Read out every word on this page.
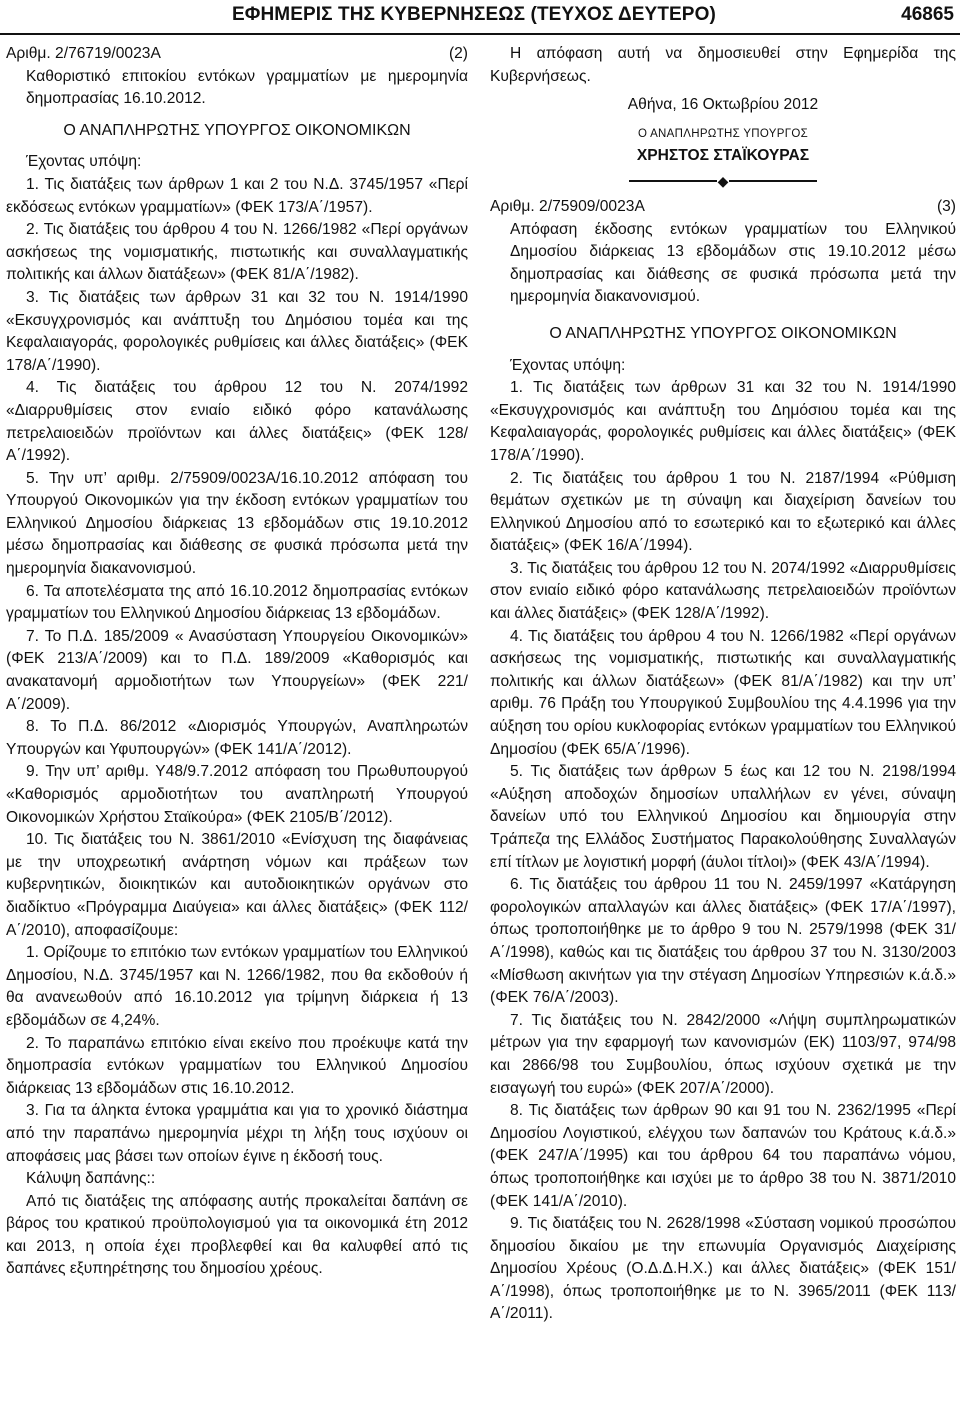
ΕΦΗΜΕΡΙΣ ΤΗΣ ΚΥΒΕΡΝΗΣΕΩΣ (ΤΕΥΧΟΣ ΔΕΥΤΕΡΟ)	46865

Αριθμ. 2/76719/0023Α	(2)

Καθοριστικό επιτοκίου εντόκων γραμματίων με ημερομηνία δημοπρασίας 16.10.2012.

Ο ΑΝΑΠΛΗΡΩΤΗΣ ΥΠΟΥΡΓΟΣ ΟΙΚΟΝΟΜΙΚΩΝ

Έχοντας υπόψη:

1. Τις διατάξεις των άρθρων 1 και 2 του Ν.Δ. 3745/1957 «Περί εκδόσεως εντόκων γραμματίων» (ΦΕΚ 173/Α΄/1957).

2. Τις διατάξεις του άρθρου 4 του Ν. 1266/1982 «Περί οργάνων ασκήσεως της νομισματικής, πιστωτικής και συναλλαγματικής πολιτικής και άλλων διατάξεων» (ΦΕΚ 81/Α΄/1982).

3. Τις διατάξεις των άρθρων 31 και 32 του Ν. 1914/1990 «Εκσυγχρονισμός και ανάπτυξη του Δημόσιου τομέα και της Κεφαλαιαγοράς, φορολογικές ρυθμίσεις και άλλες διατάξεις» (ΦΕΚ 178/Α΄/1990).

4. Τις διατάξεις του άρθρου 12 του Ν. 2074/1992 «Διαρρυθμίσεις στον ενιαίο ειδικό φόρο κατανάλωσης πετρελαιοειδών προϊόντων και άλλες διατάξεις» (ΦΕΚ 128/Α΄/1992).

5. Την υπ’ αριθμ. 2/75909/0023Α/16.10.2012 απόφαση του Υπουργού Οικονομικών για την έκδοση εντόκων γραμματίων του Ελληνικού Δημοσίου διάρκειας 13 εβδομάδων στις 19.10.2012 μέσω δημοπρασίας και διάθεσης σε φυσικά πρόσωπα μετά την ημερομηνία διακανονισμού.

6. Τα αποτελέσματα της από 16.10.2012 δημοπρασίας εντόκων γραμματίων του Ελληνικού Δημοσίου διάρκειας 13 εβδομάδων.

7. Το Π.Δ. 185/2009 « Ανασύσταση Υπουργείου Οικονομικών» (ΦΕΚ 213/Α΄/2009) και το Π.Δ. 189/2009 «Καθορισμός και ανακατανομή αρμοδιοτήτων των Υπουργείων» (ΦΕΚ 221/Α΄/2009).

8. Το Π.Δ. 86/2012 «Διορισμός Υπουργών, Αναπληρωτών Υπουργών και Υφυπουργών» (ΦΕΚ 141/Α΄/2012).

9. Την υπ’ αριθμ. Υ48/9.7.2012 απόφαση του Πρωθυπουργού «Καθορισμός αρμοδιοτήτων του αναπληρωτή Υπουργού Οικονομικών Χρήστου Σταϊκούρα» (ΦΕΚ 2105/Β΄/2012).

10. Τις διατάξεις του Ν. 3861/2010 «Ενίσχυση της διαφάνειας με την υποχρεωτική ανάρτηση νόμων και πράξεων των κυβερνητικών, διοικητικών και αυτοδιοικητικών οργάνων στο διαδίκτυο «Πρόγραμμα Διαύγεια» και άλλες διατάξεις» (ΦΕΚ 112/Α΄/2010), αποφασίζουμε:

1. Ορίζουμε το επιτόκιο των εντόκων γραμματίων του Ελληνικού Δημοσίου, Ν.Δ. 3745/1957 και Ν. 1266/1982, που θα εκδοθούν ή θα ανανεωθούν από 16.10.2012 για τρίμηνη διάρκεια ή 13 εβδομάδων σε 4,24%.

2. Το παραπάνω επιτόκιο είναι εκείνο που προέκυψε κατά την δημοπρασία εντόκων γραμματίων του Ελληνικού Δημοσίου διάρκειας 13 εβδομάδων στις 16.10.2012.

3. Για τα άληκτα έντοκα γραμμάτια και για το χρονικό διάστημα από την παραπάνω ημερομηνία μέχρι τη λήξη τους ισχύουν οι αποφάσεις μας βάσει των οποίων έγινε η έκδοσή τους.

Κάλυψη δαπάνης::

Από τις διατάξεις της απόφασης αυτής προκαλείται δαπάνη σε βάρος του κρατικού προϋπολογισμού για τα οικονομικά έτη 2012 και 2013, η οποία έχει προβλεφθεί και θα καλυφθεί από τις δαπάνες εξυπηρέτησης του δημοσίου χρέους.

Η απόφαση αυτή να δημοσιευθεί στην Εφημερίδα της Κυβερνήσεως.

Αθήνα, 16 Οκτωβρίου 2012

Ο ΑΝΑΠΛΗΡΩΤΗΣ ΥΠΟΥΡΓΟΣ

ΧΡΗΣΤΟΣ ΣΤΑΪΚΟΥΡΑΣ

◆

Αριθμ. 2/75909/0023Α	(3)

Απόφαση έκδοσης εντόκων γραμματίων του Ελληνικού Δημοσίου διάρκειας 13 εβδομάδων στις 19.10.2012 μέσω δημοπρασίας και διάθεσης σε φυσικά πρόσωπα μετά την ημερομηνία διακανονισμού.

Ο ΑΝΑΠΛΗΡΩΤΗΣ ΥΠΟΥΡΓΟΣ ΟΙΚΟΝΟΜΙΚΩΝ

Έχοντας υπόψη:

1. Τις διατάξεις των άρθρων 31 και 32 του Ν. 1914/1990 «Εκσυγχρονισμός και ανάπτυξη του Δημόσιου τομέα και της Κεφαλαιαγοράς, φορολογικές ρυθμίσεις και άλλες διατάξεις» (ΦΕΚ 178/Α΄/1990).

2. Τις διατάξεις του άρθρου 1 του Ν. 2187/1994 «Ρύθμιση θεμάτων σχετικών με τη σύναψη και διαχείριση δανείων του Ελληνικού Δημοσίου από το εσωτερικό και το εξωτερικό και άλλες διατάξεις» (ΦΕΚ 16/Α΄/1994).

3. Τις διατάξεις του άρθρου 12 του Ν. 2074/1992 «Διαρρυθμίσεις στον ενιαίο ειδικό φόρο κατανάλωσης πετρελαιοειδών προϊόντων και άλλες διατάξεις» (ΦΕΚ 128/Α΄/1992).

4. Τις διατάξεις του άρθρου 4 του Ν. 1266/1982 «Περί οργάνων ασκήσεως της νομισματικής, πιστωτικής και συναλλαγματικής πολιτικής και άλλων διατάξεων» (ΦΕΚ 81/Α΄/1982) και την υπ’ αριθμ. 76 Πράξη του Υπουργικού Συμβουλίου της 4.4.1996 για την αύξηση του ορίου κυκλοφορίας εντόκων γραμματίων του Ελληνικού Δημοσίου (ΦΕΚ 65/Α΄/1996).

5. Τις διατάξεις των άρθρων 5 έως και 12 του Ν. 2198/1994 «Αύξηση αποδοχών δημοσίων υπαλλήλων εν γένει, σύναψη δανείων υπό του Ελληνικού Δημοσίου και δημιουργία στην Τράπεζα της Ελλάδος Συστήματος Παρακολούθησης Συναλλαγών επί τίτλων με λογιστική μορφή (άυλοι τίτλοι)» (ΦΕΚ 43/Α΄/1994).

6. Τις διατάξεις του άρθρου 11 του Ν. 2459/1997 «Κατάργηση φορολογικών απαλλαγών και άλλες διατάξεις» (ΦΕΚ 17/Α΄/1997), όπως τροποποιήθηκε με το άρθρο 9 του Ν. 2579/1998 (ΦΕΚ 31/Α΄/1998), καθώς και τις διατάξεις του άρθρου 37 του Ν. 3130/2003 «Μίσθωση ακινήτων για την στέγαση Δημοσίων Υπηρεσιών κ.ά.δ.» (ΦΕΚ 76/Α΄/2003).

7. Τις διατάξεις του Ν. 2842/2000 «Λήψη συμπληρωματικών μέτρων για την εφαρμογή των κανονισμών (ΕΚ) 1103/97, 974/98 και 2866/98 του Συμβουλίου, όπως ισχύουν σχετικά με την εισαγωγή του ευρώ» (ΦΕΚ 207/Α΄/2000).

8. Τις διατάξεις των άρθρων 90 και 91 του Ν. 2362/1995 «Περί Δημοσίου Λογιστικού, ελέγχου των δαπανών του Κράτους κ.ά.δ.» (ΦΕΚ 247/Α΄/1995) και του άρθρου 64 του παραπάνω νόμου, όπως τροποποιήθηκε και ισχύει με το άρθρο 38 του Ν. 3871/2010 (ΦΕΚ 141/Α΄/2010).

9. Τις διατάξεις του Ν. 2628/1998 «Σύσταση νομικού προσώπου δημοσίου δικαίου με την επωνυμία Οργανισμός Διαχείρισης Δημοσίου Χρέους (Ο.Δ.Δ.Η.Χ.) και άλλες διατάξεις» (ΦΕΚ 151/Α΄/1998), όπως τροποποιήθηκε με το Ν. 3965/2011 (ΦΕΚ 113/Α΄/2011).
